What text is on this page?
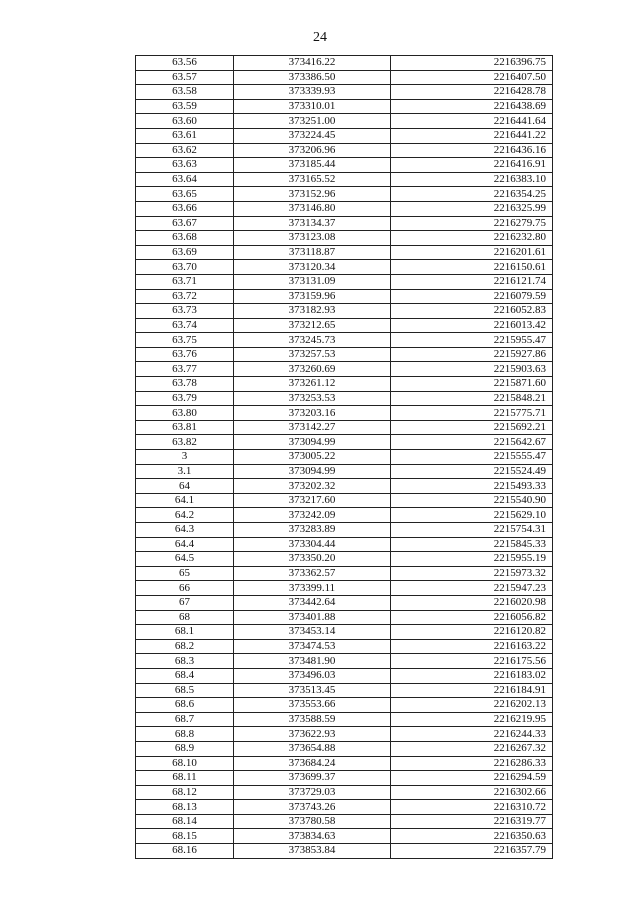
24
63.56	373416.22	2216396.75
63.57	373386.50	2216407.50
63.58	373339.93	2216428.78
63.59	373310.01	2216438.69
63.60	373251.00	2216441.64
63.61	373224.45	2216441.22
63.62	373206.96	2216436.16
63.63	373185.44	2216416.91
63.64	373165.52	2216383.10
63.65	373152.96	2216354.25
63.66	373146.80	2216325.99
63.67	373134.37	2216279.75
63.68	373123.08	2216232.80
63.69	373118.87	2216201.61
63.70	373120.34	2216150.61
63.71	373131.09	2216121.74
63.72	373159.96	2216079.59
63.73	373182.93	2216052.83
63.74	373212.65	2216013.42
63.75	373245.73	2215955.47
63.76	373257.53	2215927.86
63.77	373260.69	2215903.63
63.78	373261.12	2215871.60
63.79	373253.53	2215848.21
63.80	373203.16	2215775.71
63.81	373142.27	2215692.21
63.82	373094.99	2215642.67
3	373005.22	2215555.47
3.1	373094.99	2215524.49
64	373202.32	2215493.33
64.1	373217.60	2215540.90
64.2	373242.09	2215629.10
64.3	373283.89	2215754.31
64.4	373304.44	2215845.33
64.5	373350.20	2215955.19
65	373362.57	2215973.32
66	373399.11	2215947.23
67	373442.64	2216020.98
68	373401.88	2216056.82
68.1	373453.14	2216120.82
68.2	373474.53	2216163.22
68.3	373481.90	2216175.56
68.4	373496.03	2216183.02
68.5	373513.45	2216184.91
68.6	373553.66	2216202.13
68.7	373588.59	2216219.95
68.8	373622.93	2216244.33
68.9	373654.88	2216267.32
68.10	373684.24	2216286.33
68.11	373699.37	2216294.59
68.12	373729.03	2216302.66
68.13	373743.26	2216310.72
68.14	373780.58	2216319.77
68.15	373834.63	2216350.63
68.16	373853.84	2216357.79
